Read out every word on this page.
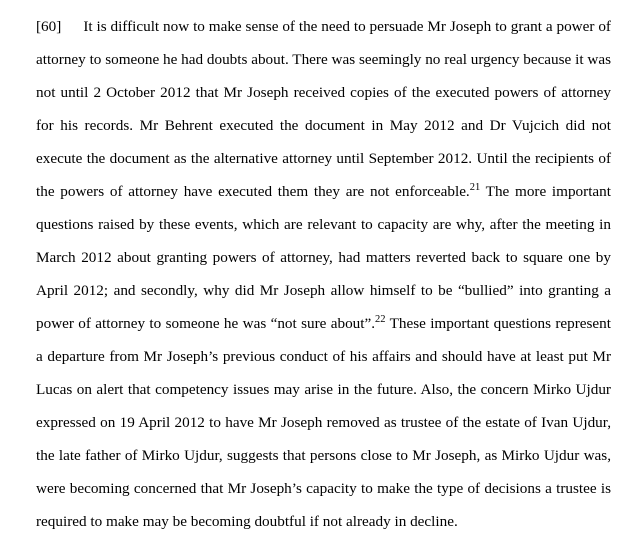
[60] It is difficult now to make sense of the need to persuade Mr Joseph to grant a power of attorney to someone he had doubts about. There was seemingly no real urgency because it was not until 2 October 2012 that Mr Joseph received copies of the executed powers of attorney for his records. Mr Behrent executed the document in May 2012 and Dr Vujcich did not execute the document as the alternative attorney until September 2012. Until the recipients of the powers of attorney have executed them they are not enforceable.$^{21}$ The more important questions raised by these events, which are relevant to capacity are why, after the meeting in March 2012 about granting powers of attorney, had matters reverted back to square one by April 2012; and secondly, why did Mr Joseph allow himself to be “bullied” into granting a power of attorney to someone he was “not sure about”.$^{22}$ These important questions represent a departure from Mr Joseph’s previous conduct of his affairs and should have at least put Mr Lucas on alert that competency issues may arise in the future. Also, the concern Mirko Ujdur expressed on 19 April 2012 to have Mr Joseph removed as trustee of the estate of Ivan Ujdur, the late father of Mirko Ujdur, suggests that persons close to Mr Joseph, as Mirko Ujdur was, were becoming concerned that Mr Joseph’s capacity to make the type of decisions a trustee is required to make may be becoming doubtful if not already in decline.
